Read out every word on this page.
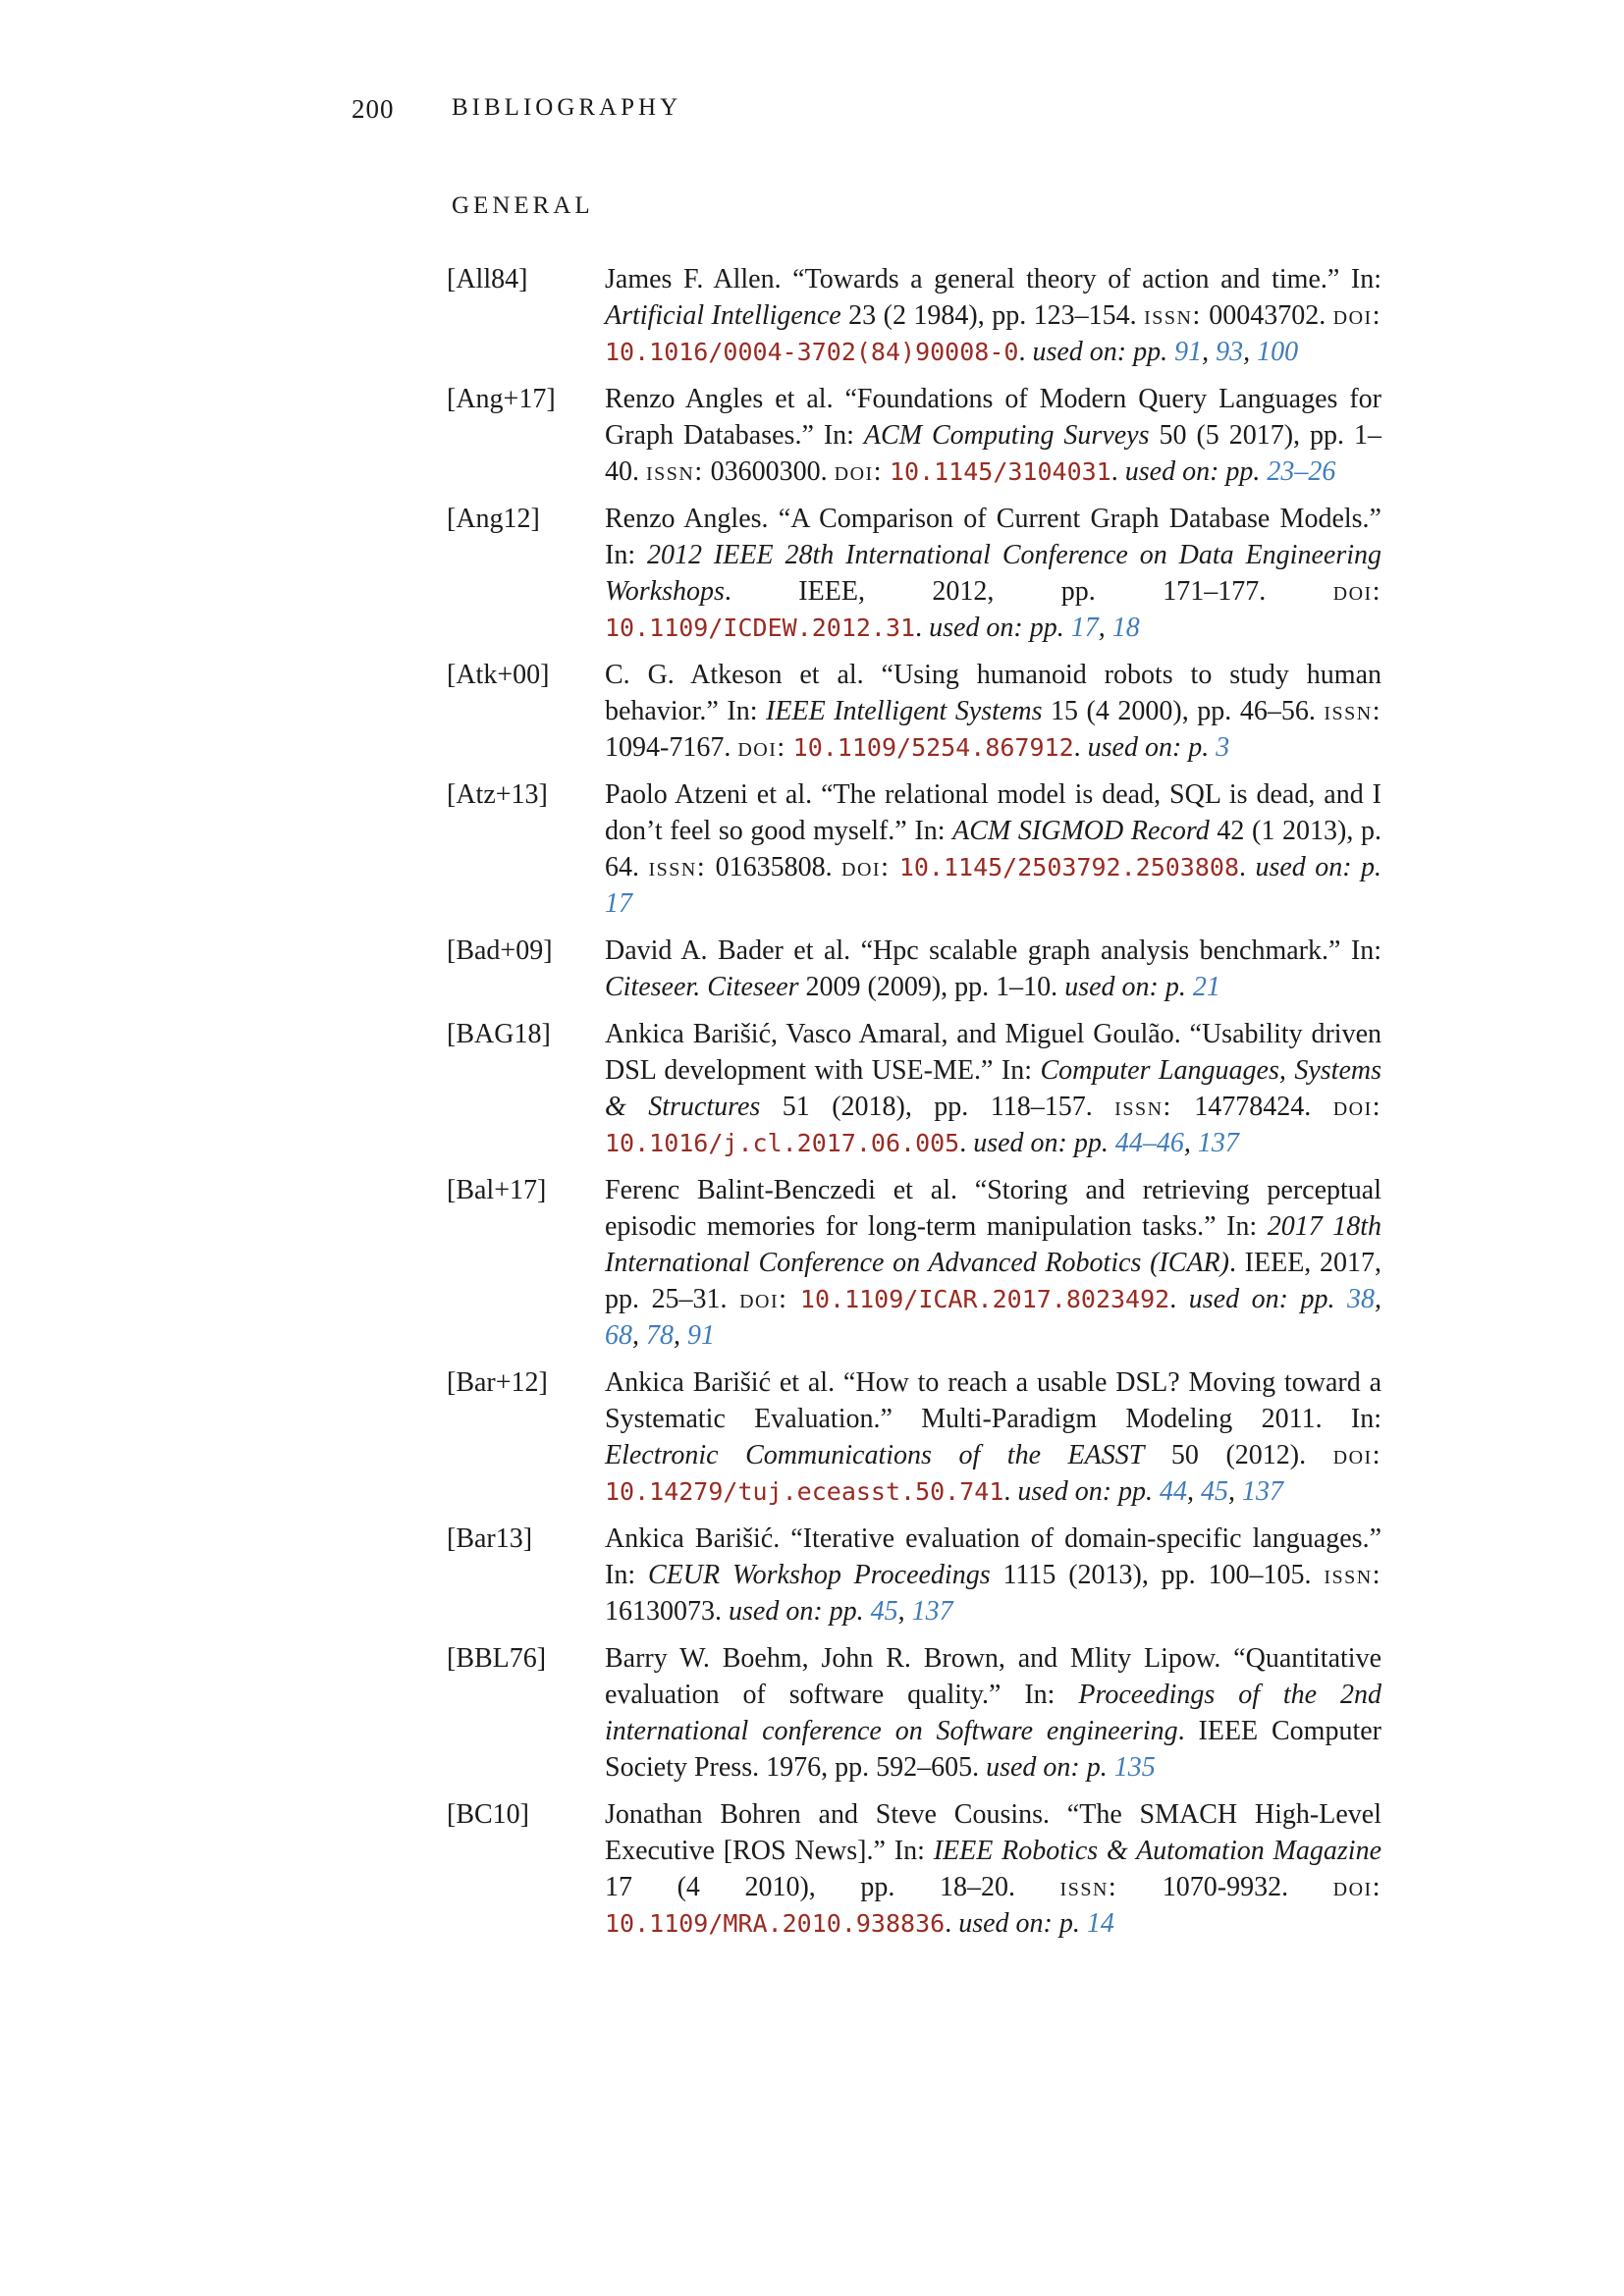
200 BIBLIOGRAPHY
GENERAL
[All84]	James F. Allen. “Towards a general theory of action and time.” In: Artificial Intelligence 23 (2 1984), pp. 123–154. issn: 00043702. doi: 10.1016/0004-3702(84)90008-0. used on: pp. 91, 93, 100
[Ang+17] Renzo Angles et al. “Foundations of Modern Query Languages for Graph Databases.” In: ACM Computing Surveys 50 (5 2017), pp. 1–40. issn: 03600300. doi: 10.1145/3104031. used on: pp. 23–26
[Ang12] Renzo Angles. “A Comparison of Current Graph Database Models.” In: 2012 IEEE 28th International Conference on Data Engineering Workshops. IEEE, 2012, pp. 171–177. doi: 10.1109/ICDEW.2012.31. used on: pp. 17, 18
[Atk+00] C. G. Atkeson et al. “Using humanoid robots to study human behavior.” In: IEEE Intelligent Systems 15 (4 2000), pp. 46–56. issn: 1094-7167. doi: 10.1109/5254.867912. used on: p. 3
[Atz+13] Paolo Atzeni et al. “The relational model is dead, SQL is dead, and I don’t feel so good myself.” In: ACM SIGMOD Record 42 (1 2013), p. 64. issn: 01635808. doi: 10.1145/2503792.2503808. used on: p. 17
[Bad+09] David A. Bader et al. “Hpc scalable graph analysis benchmark.” In: Citeseer. Citeseer 2009 (2009), pp. 1–10. used on: p. 21
[BAG18] Ankica Barišić, Vasco Amaral, and Miguel Goulão. “Usability driven DSL development with USE-ME.” In: Computer Languages, Systems & Structures 51 (2018), pp. 118–157. issn: 14778424. doi: 10.1016/j.cl.2017.06.005. used on: pp. 44–46, 137
[Bal+17] Ferenc Balint-Benczedi et al. “Storing and retrieving perceptual episodic memories for long-term manipulation tasks.” In: 2017 18th International Conference on Advanced Robotics (ICAR). IEEE, 2017, pp. 25–31. doi: 10.1109/ICAR.2017.8023492. used on: pp. 38, 68, 78, 91
[Bar+12] Ankica Barišić et al. “How to reach a usable DSL? Moving toward a Systematic Evaluation.” Multi-Paradigm Modeling 2011. In: Electronic Communications of the EASST 50 (2012). doi: 10.14279/tuj.eceasst.50.741. used on: pp. 44, 45, 137
[Bar13]	Ankica Barišić. “Iterative evaluation of domain-specific languages.” In: CEUR Workshop Proceedings 1115 (2013), pp. 100–105. issn: 16130073. used on: pp. 45, 137
[BBL76] Barry W. Boehm, John R. Brown, and Mlity Lipow. “Quantitative evaluation of software quality.” In: Proceedings of the 2nd international conference on Software engineering. IEEE Computer Society Press. 1976, pp. 592–605. used on: p. 135
[BC10]	Jonathan Bohren and Steve Cousins. “The SMACH High-Level Executive [ROS News].” In: IEEE Robotics & Automation Magazine 17 (4 2010), pp. 18–20. issn: 1070-9932. doi: 10.1109/MRA.2010.938836. used on: p. 14
